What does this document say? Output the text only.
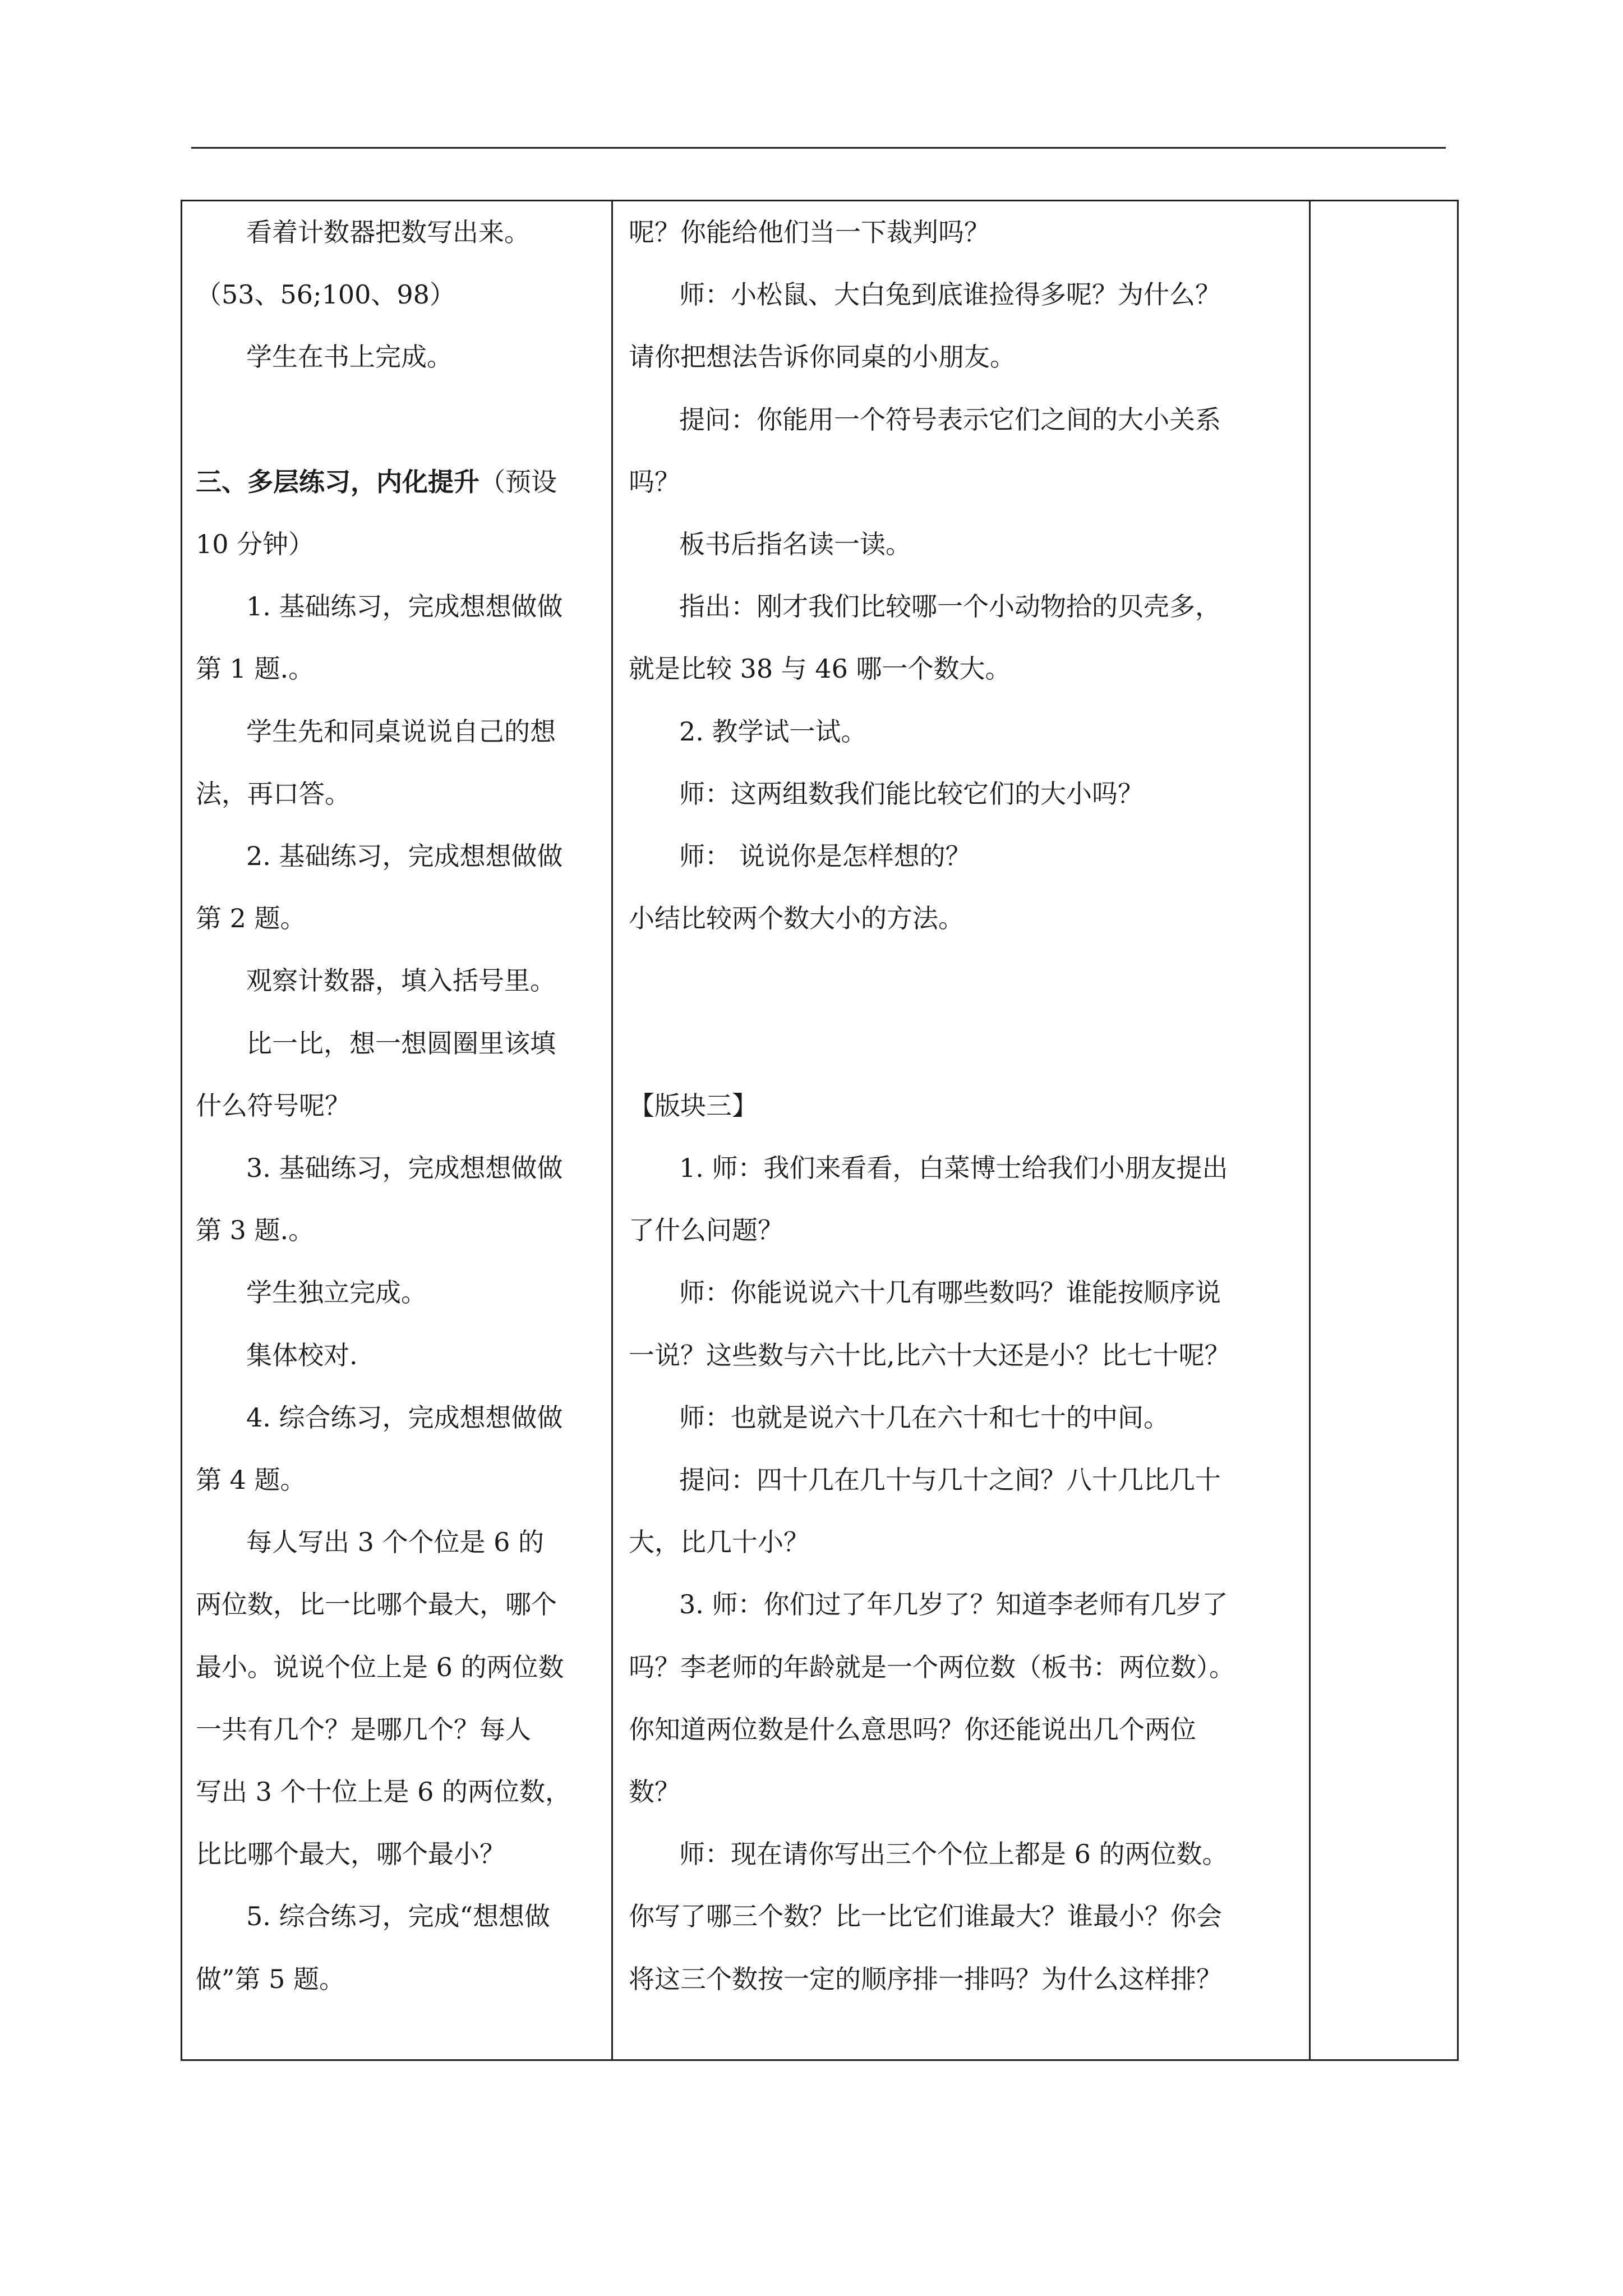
看着计数器把数写出来。
（53、56;100、98）
学生在书上完成。
三、多层练习，内化提升（预设
10 分钟）
1. 基础练习，完成想想做做
第 1 题.。
学生先和同桌说说自己的想
法，再口答。
2. 基础练习，完成想想做做
第 2 题。
观察计数器，填入括号里。
比一比，想一想圆圈里该填
什么符号呢？
3. 基础练习，完成想想做做
第 3 题.。
学生独立完成。
集体校对.
4. 综合练习，完成想想做做
第 4 题。
每人写出 3 个个位是 6 的
两位数，比一比哪个最大，哪个
最小。说说个位上是 6 的两位数
一共有几个？是哪几个？每人
写出 3 个十位上是 6 的两位数，
比比哪个最大，哪个最小？
5. 综合练习，完成“想想做
做”第 5 题。
呢？你能给他们当一下裁判吗？
师：小松鼠、大白兔到底谁捡得多呢？为什么？
请你把想法告诉你同桌的小朋友。
提问：你能用一个符号表示它们之间的大小关系
吗？
板书后指名读一读。
指出：刚才我们比较哪一个小动物拾的贝壳多，
就是比较 38 与 46 哪一个数大。
2. 教学试一试。
师：这两组数我们能比较它们的大小吗？
师： 说说你是怎样想的？
小结比较两个数大小的方法。
【版块三】
1. 师：我们来看看，白菜博士给我们小朋友提出
了什么问题？
师：你能说说六十几有哪些数吗？谁能按顺序说
一说？这些数与六十比,比六十大还是小？比七十呢？
师：也就是说六十几在六十和七十的中间。
提问：四十几在几十与几十之间？八十几比几十
大，比几十小？
3. 师：你们过了年几岁了？知道李老师有几岁了
吗？李老师的年龄就是一个两位数（板书：两位数）。
你知道两位数是什么意思吗？你还能说出几个两位
数？
师：现在请你写出三个个位上都是 6 的两位数。
你写了哪三个数？比一比它们谁最大？谁最小？你会
将这三个数按一定的顺序排一排吗？为什么这样排？
